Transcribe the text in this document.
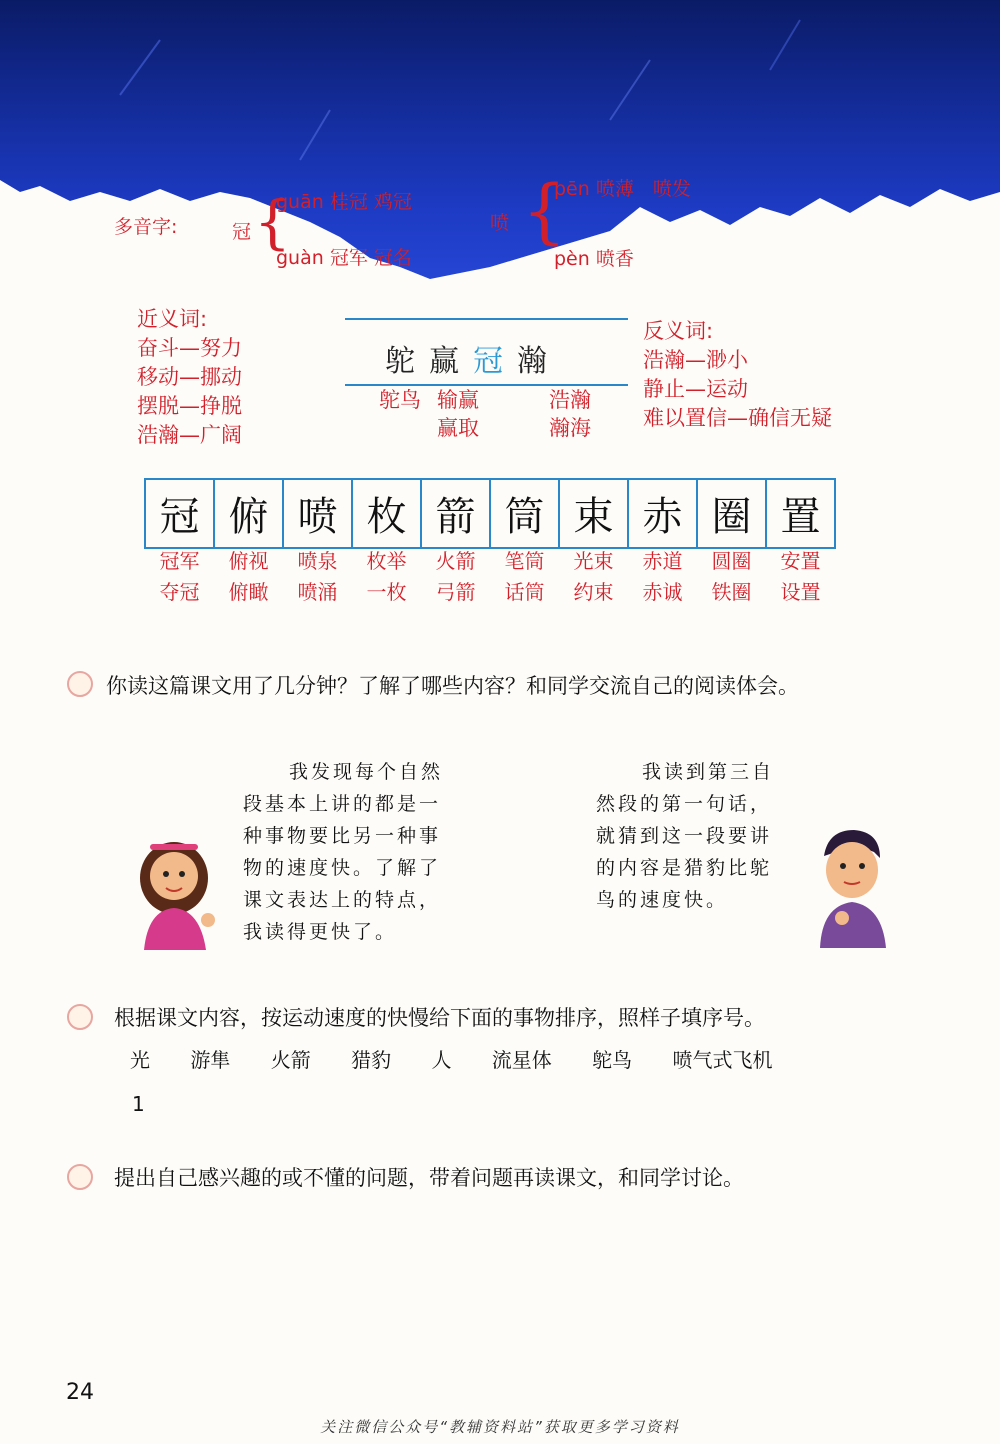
多音字:	冠 {
guān 桂冠 鸡冠
guàn 冠军 冠名
喷 {
pēn 喷薄　喷发
pèn 喷香
近义词:
奋斗—努力
移动—挪动
摆脱—挣脱
浩瀚—广阔
鸵赢冠瀚
鸵鸟 输赢
赢取
浩瀚
瀚海
反义词:
浩瀚—渺小
静止—运动
难以置信—确信无疑
冠 俯 喷 枚 箭 筒 束 赤 圈 置
冠军
夺冠
俯视
俯瞰
喷泉
喷涌
枚举
一枚
火箭
弓箭
笔筒
话筒
光束
约束
赤道
赤诚
圆圈
铁圈
安置
设置
你读这篇课文用了几分钟？了解了哪些内容？和同学交流自己的阅读体会。
我发现每个自然
段基本上讲的都是一
种事物要比另一种事
物的速度快。了解了
课文表达上的特点，
我读得更快了。
我读到第三自
然段的第一句话，
就猜到这一段要讲
的内容是猎豹比鸵
鸟的速度快。
根据课文内容，按运动速度的快慢给下面的事物排序，照样子填序号。
光 游隼 火箭 猎豹 人 流星体 鸵鸟 喷气式飞机
1
提出自己感兴趣的或不懂的问题，带着问题再读课文，和同学讨论。
24
关注微信公众号“教辅资料站”获取更多学习资料
